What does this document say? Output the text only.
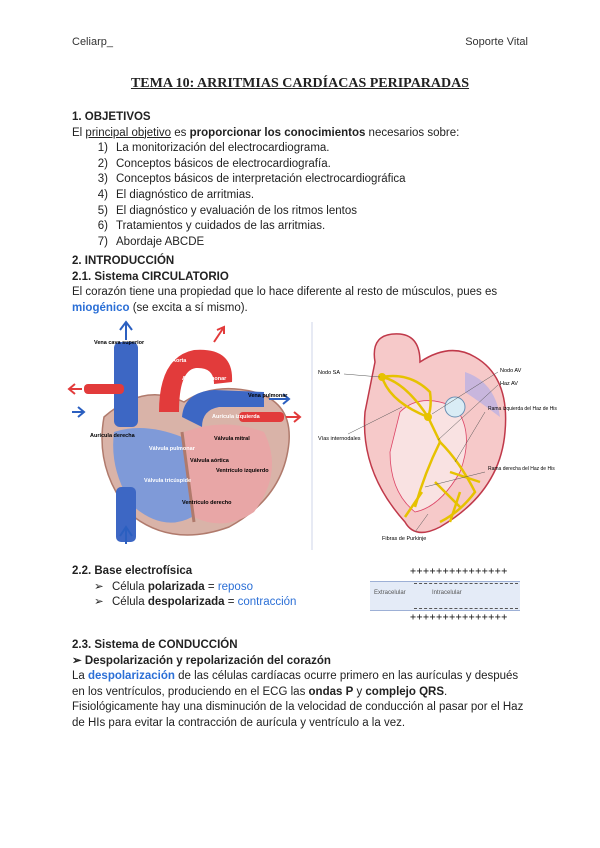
Celiarp_	Soporte Vital
TEMA 10: ARRITMIAS CARDÍACAS PERIPARADAS
1. OBJETIVOS
El principal objetivo es proporcionar los conocimientos necesarios sobre:
1) La monitorización del electrocardiograma.
2) Conceptos básicos de electrocardiografía.
3) Conceptos básicos de interpretación electrocardiográfica
4) El diagnóstico de arritmias.
5) El diagnóstico y evaluación de los ritmos lentos
6) Tratamientos y cuidados de las arritmias.
7) Abordaje ABCDE
2. INTRODUCCIÓN
2.1. Sistema CIRCULATORIO
El corazón tiene una propiedad que lo hace diferente al resto de músculos, pues es
miogénico (se excita a sí mismo).
Vena cava superior
Aorta
Arteria pulmonar
Vena pulmonar
Aurícula izquierda
Aurícula derecha	Válvula mitral
Válvula pulmonar
Válvula aórtica
Ventrículo izquierdo
Válvula tricúspide
Ventrículo derecho
Nodo SA	Nodo AV
Haz AV
Rama izquierda del Haz de His
Rama derecha del Haz de His
Vías internodales
Fibras de Purkinje
2.2. Base electrofísica
➢ Célula polarizada = reposo
➢ Célula despolarizada = contracción
+++++++++++++++
Extracelular	Intracelular
+++++++++++++++
2.3. Sistema de CONDUCCIÓN
➢ Despolarización y repolarización del corazón
La despolarización de las células cardíacas ocurre primero en las aurículas y después en los ventrículos, produciendo en el ECG las ondas P y complejo QRS.
Fisiológicamente hay una disminución de la velocidad de conducción al pasar por el Haz de HIs para evitar la contracción de aurícula y ventrículo a la vez.
